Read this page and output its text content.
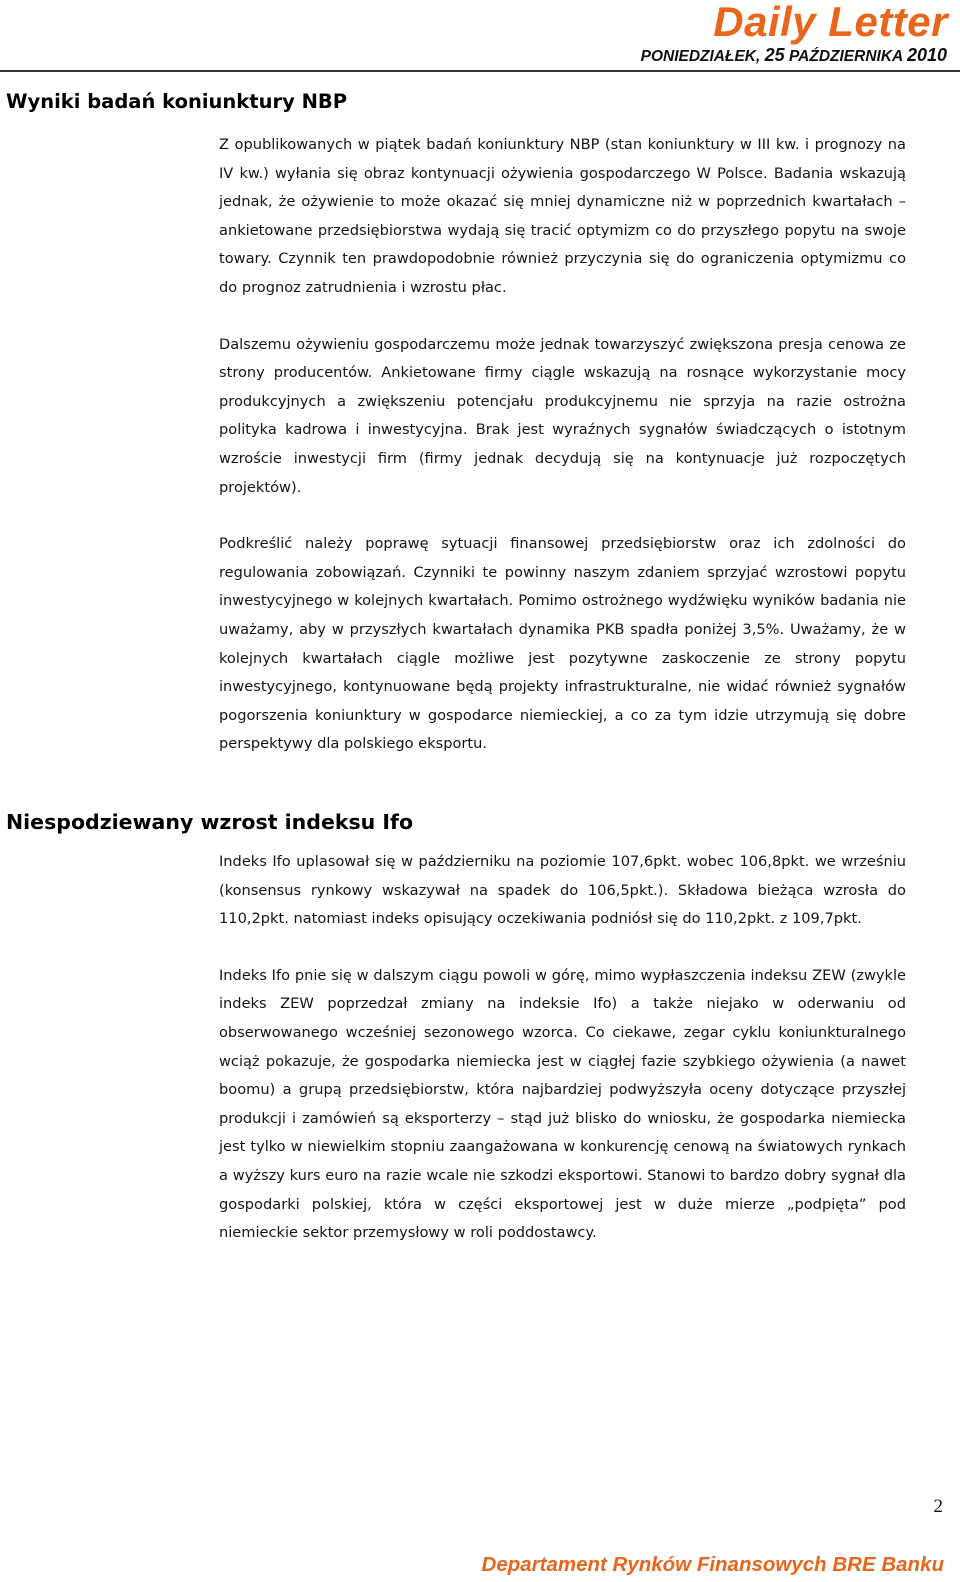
Daily Letter
PONIEDZIAŁEK, 25 PAŹDZIERNIKA 2010
Wyniki badań koniunktury NBP

Z opublikowanych w piątek badań koniunktury NBP (stan koniunktury w III kw. i prognozy na IV kw.) wyłania się obraz kontynuacji ożywienia gospodarczego W Polsce. Badania wskazują jednak, że ożywienie to może okazać się mniej dynamiczne niż w poprzednich kwartałach – ankietowane przedsiębiorstwa wydają się tracić optymizm co do przyszłego popytu na swoje towary. Czynnik ten prawdopodobnie również przyczynia się do ograniczenia optymizmu co do prognoz zatrudnienia i wzrostu płac.

Dalszemu ożywieniu gospodarczemu może jednak towarzyszyć zwiększona presja cenowa ze strony producentów. Ankietowane firmy ciągle wskazują na rosnące wykorzystanie mocy produkcyjnych a zwiększeniu potencjału produkcyjnemu nie sprzyja na razie ostrożna polityka kadrowa i inwestycyjna. Brak jest wyraźnych sygnałów świadczących o istotnym wzroście inwestycji firm (firmy jednak decydują się na kontynuacje już rozpoczętych projektów).

Podkreślić należy poprawę sytuacji finansowej przedsiębiorstw oraz ich zdolności do regulowania zobowiązań. Czynniki te powinny naszym zdaniem sprzyjać wzrostowi popytu inwestycyjnego w kolejnych kwartałach. Pomimo ostrożnego wydźwięku wyników badania nie uważamy, aby w przyszłych kwartałach dynamika PKB spadła poniżej 3,5%. Uważamy, że w kolejnych kwartałach ciągle możliwe jest pozytywne zaskoczenie ze strony popytu inwestycyjnego, kontynuowane będą projekty infrastrukturalne, nie widać również sygnałów pogorszenia koniunktury w gospodarce niemieckiej, a co za tym idzie utrzymują się dobre perspektywy dla polskiego eksportu.

Niespodziewany wzrost indeksu Ifo

Indeks Ifo uplasował się w październiku na poziomie 107,6pkt. wobec 106,8pkt. we wrześniu (konsensus rynkowy wskazywał na spadek do 106,5pkt.). Składowa bieżąca wzrosła do 110,2pkt. natomiast indeks opisujący oczekiwania podniósł się do 110,2pkt. z 109,7pkt.

Indeks Ifo pnie się w dalszym ciągu powoli w górę, mimo wypłaszczenia indeksu ZEW (zwykle indeks ZEW poprzedzał zmiany na indeksie Ifo) a także niejako w oderwaniu od obserwowanego wcześniej sezonowego wzorca. Co ciekawe, zegar cyklu koniunkturalnego wciąż pokazuje, że gospodarka niemiecka jest w ciągłej fazie szybkiego ożywienia (a nawet boomu) a grupą przedsiębiorstw, która najbardziej podwyższyła oceny dotyczące przyszłej produkcji i zamówień są eksporterzy – stąd już blisko do wniosku, że gospodarka niemiecka jest tylko w niewielkim stopniu zaangażowana w konkurencję cenową na światowych rynkach a wyższy kurs euro na razie wcale nie szkodzi eksportowi. Stanowi to bardzo dobry sygnał dla gospodarki polskiej, która w części eksportowej jest w duże mierze „podpięta” pod niemieckie sektor przemysłowy w roli poddostawcy.

2
Departament Rynków Finansowych BRE Banku
